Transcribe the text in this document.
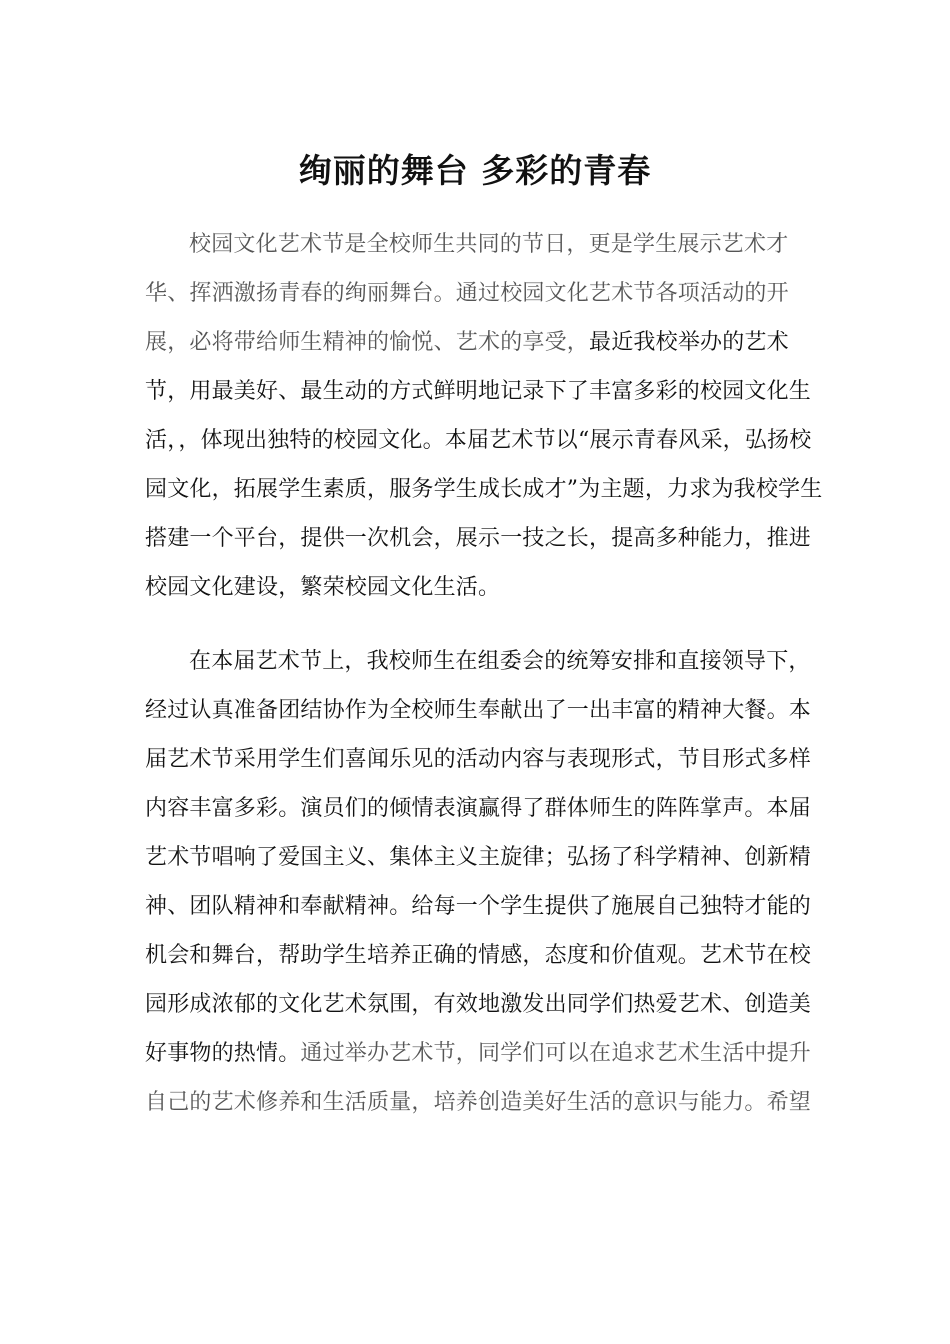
绚丽的舞台 多彩的青春

校园文化艺术节是全校师生共同的节日，更是学生展示艺术才华、挥洒激扬青春的绚丽舞台。通过校园文化艺术节各项活动的开展，必将带给师生精神的愉悦、艺术的享受，最近我校举办的艺术节，用最美好、最生动的方式鲜明地记录下了丰富多彩的校园文化生活，，体现出独特的校园文化。本届艺术节以“展示青春风采，弘扬校园文化，拓展学生素质，服务学生成长成才”为主题，力求为我校学生搭建一个平台，提供一次机会，展示一技之长，提高多种能力，推进校园文化建设，繁荣校园文化生活。

在本届艺术节上，我校师生在组委会的统筹安排和直接领导下，经过认真准备团结协作为全校师生奉献出了一出丰富的精神大餐。本届艺术节采用学生们喜闻乐见的活动内容与表现形式，节目形式多样内容丰富多彩。演员们的倾情表演赢得了群体师生的阵阵掌声。本届艺术节唱响了爱国主义、集体主义主旋律；弘扬了科学精神、创新精神、团队精神和奉献精神。给每一个学生提供了施展自己独特才能的机会和舞台，帮助学生培养正确的情感，态度和价值观。艺术节在校园形成浓郁的文化艺术氛围，有效地激发出同学们热爱艺术、创造美好事物的热情。通过举办艺术节，同学们可以在追求艺术生活中提升自己的艺术修养和生活质量，培养创造美好生活的意识与能力。希望
